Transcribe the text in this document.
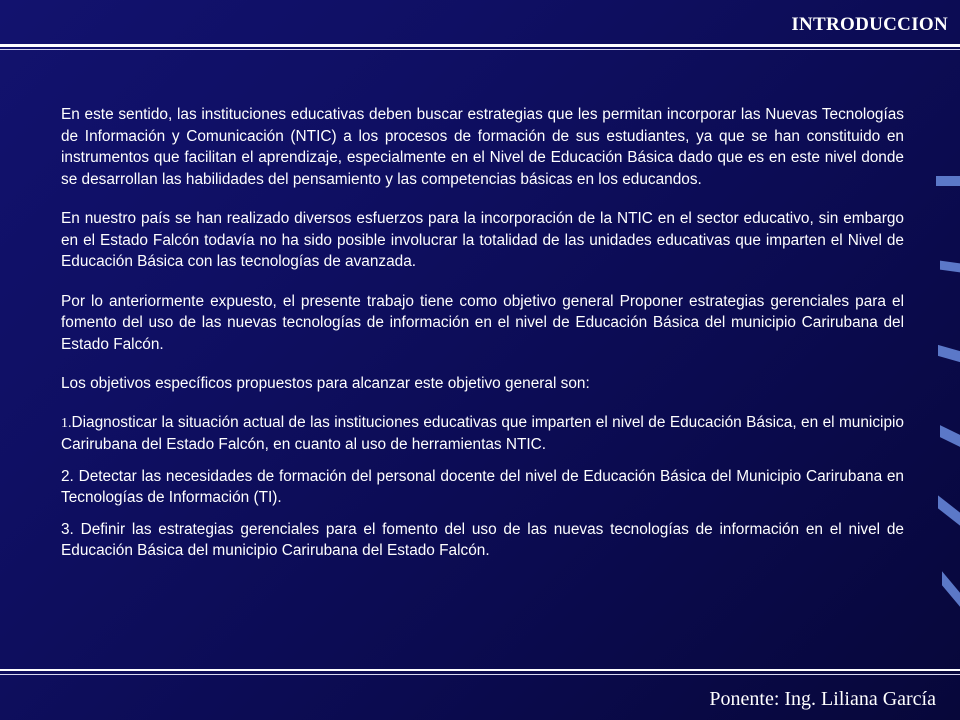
INTRODUCCION

En este sentido, las instituciones educativas deben buscar estrategias que les permitan incorporar las Nuevas Tecnologías de Información y Comunicación (NTIC) a los procesos de formación de sus estudiantes, ya que se han constituido en instrumentos que facilitan el aprendizaje, especialmente en el Nivel de Educación Básica dado que es en este nivel donde se desarrollan las habilidades del pensamiento y las competencias básicas en los educandos.

En nuestro país se han realizado diversos esfuerzos para la incorporación de la NTIC en el sector educativo, sin embargo en el Estado Falcón todavía no ha sido posible involucrar la totalidad de las unidades educativas que imparten el Nivel de Educación Básica con las tecnologías de avanzada.

Por lo anteriormente expuesto, el presente trabajo tiene como objetivo general Proponer estrategias gerenciales para el fomento del uso de las nuevas tecnologías de información en el nivel de Educación Básica del municipio Carirubana del Estado Falcón.

Los objetivos específicos propuestos para alcanzar este objetivo general son:

1.Diagnosticar la situación actual de las instituciones educativas que imparten el nivel de Educación Básica, en el municipio Carirubana del Estado Falcón, en cuanto al uso de herramientas NTIC.

2. Detectar las necesidades de formación del personal docente del nivel de Educación Básica del Municipio Carirubana en Tecnologías de Información (TI).

3. Definir las estrategias gerenciales para el fomento del uso de las nuevas tecnologías de información en el nivel de Educación Básica del municipio Carirubana del Estado Falcón.

Ponente: Ing. Liliana García
